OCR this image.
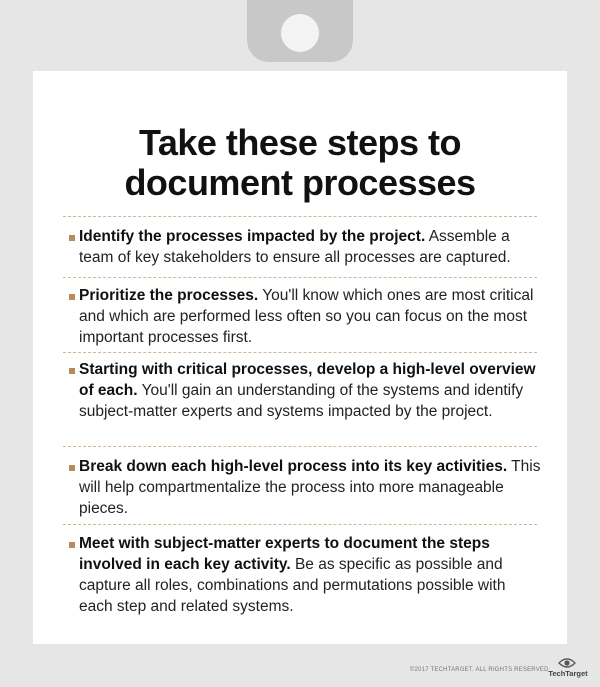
Take these steps to
document processes

Identify the processes impacted by the project. Assemble a team of key stakeholders to ensure all processes are captured.

Prioritize the processes. You'll know which ones are most critical and which are performed less often so you can focus on the most important processes first.

Starting with critical processes, develop a high-level overview of each. You'll gain an understanding of the systems and identify subject-matter experts and systems impacted by the project.

Break down each high-level process into its key activities. This will help compartmentalize the process into more manageable pieces.

Meet with subject-matter experts to document the steps involved in each key activity. Be as specific as possible and capture all roles, combinations and permutations possible with each step and related systems.

©2017 TECHTARGET. ALL RIGHTS RESERVED TechTarget
